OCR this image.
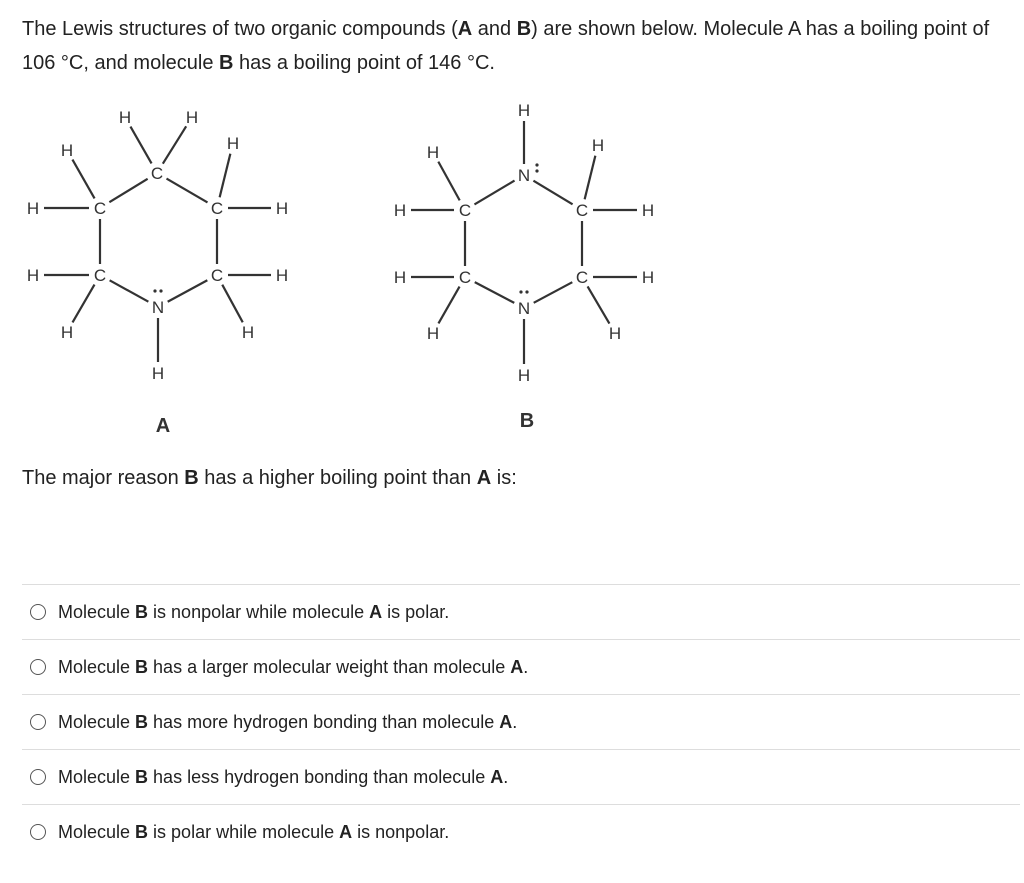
The Lewis structures of two organic compounds (A and B) are shown below. Molecule A has a boiling point of 106 °C, and molecule B has a boiling point of 146 °C.
C
C
C
N
C
C
H	H
H
H
H
H
H
H
H
H
H
A
N
C
C
N
C
C
H
H
H
H
H
H
H
H
H
H
B
The major reason B has a higher boiling point than A is:
Molecule B is nonpolar while molecule A is polar.
Molecule B has a larger molecular weight than molecule A.
Molecule B has more hydrogen bonding than molecule A.
Molecule B has less hydrogen bonding than molecule A.
Molecule B is polar while molecule A is nonpolar.
